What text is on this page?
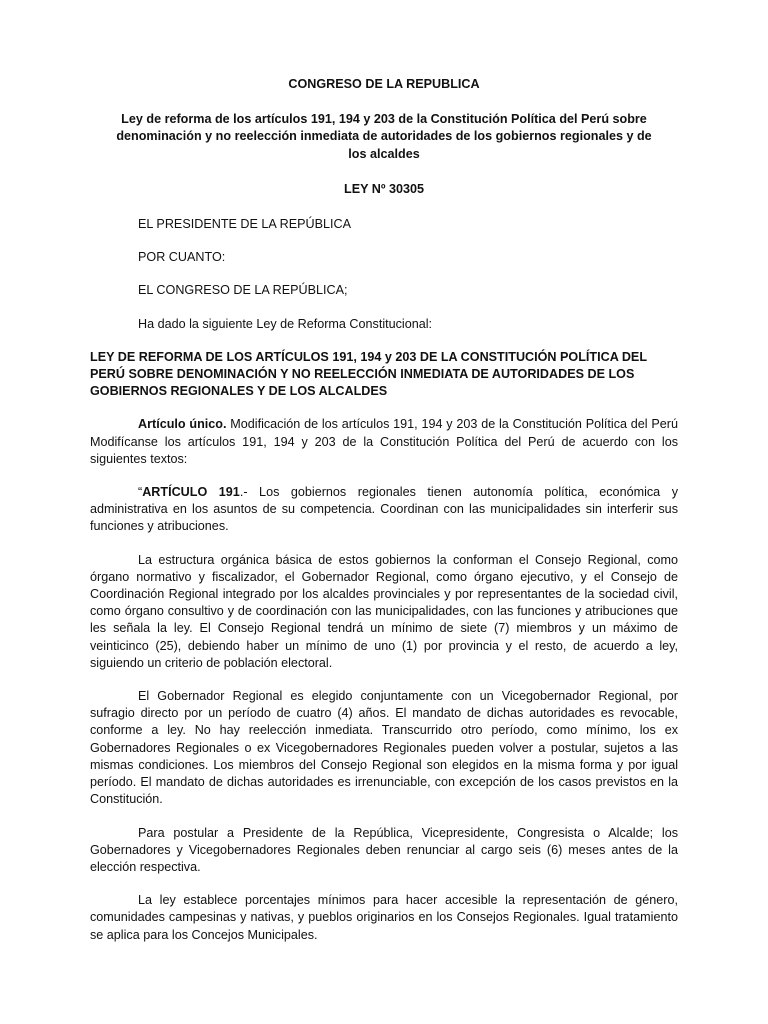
CONGRESO DE LA REPUBLICA

Ley de reforma de los artículos 191, 194 y 203 de la Constitución Política del Perú sobre denominación y no reelección inmediata de autoridades de los gobiernos regionales y de los alcaldes

LEY Nº 30305

EL PRESIDENTE DE LA REPÚBLICA

POR CUANTO:

EL CONGRESO DE LA REPÚBLICA;

Ha dado la siguiente Ley de Reforma Constitucional:

LEY DE REFORMA DE LOS ARTÍCULOS 191, 194 y 203 DE LA CONSTITUCIÓN POLÍTICA DEL PERÚ SOBRE DENOMINACIÓN Y NO REELECCIÓN INMEDIATA DE AUTORIDADES DE LOS GOBIERNOS REGIONALES Y DE LOS ALCALDES

Artículo único. Modificación de los artículos 191, 194 y 203 de la Constitución Política del Perú Modifícanse los artículos 191, 194 y 203 de la Constitución Política del Perú de acuerdo con los siguientes textos:

“ARTÍCULO 191.- Los gobiernos regionales tienen autonomía política, económica y administrativa en los asuntos de su competencia. Coordinan con las municipalidades sin interferir sus funciones y atribuciones.

La estructura orgánica básica de estos gobiernos la conforman el Consejo Regional, como órgano normativo y fiscalizador, el Gobernador Regional, como órgano ejecutivo, y el Consejo de Coordinación Regional integrado por los alcaldes provinciales y por representantes de la sociedad civil, como órgano consultivo y de coordinación con las municipalidades, con las funciones y atribuciones que les señala la ley. El Consejo Regional tendrá un mínimo de siete (7) miembros y un máximo de veinticinco (25), debiendo haber un mínimo de uno (1) por provincia y el resto, de acuerdo a ley, siguiendo un criterio de población electoral.

El Gobernador Regional es elegido conjuntamente con un Vicegobernador Regional, por sufragio directo por un período de cuatro (4) años. El mandato de dichas autoridades es revocable, conforme a ley. No hay reelección inmediata. Transcurrido otro período, como mínimo, los ex Gobernadores Regionales o ex Vicegobernadores Regionales pueden volver a postular, sujetos a las mismas condiciones. Los miembros del Consejo Regional son elegidos en la misma forma y por igual período. El mandato de dichas autoridades es irrenunciable, con excepción de los casos previstos en la Constitución.

Para postular a Presidente de la República, Vicepresidente, Congresista o Alcalde; los Gobernadores y Vicegobernadores Regionales deben renunciar al cargo seis (6) meses antes de la elección respectiva.

La ley establece porcentajes mínimos para hacer accesible la representación de género, comunidades campesinas y nativas, y pueblos originarios en los Consejos Regionales. Igual tratamiento se aplica para los Concejos Municipales.
